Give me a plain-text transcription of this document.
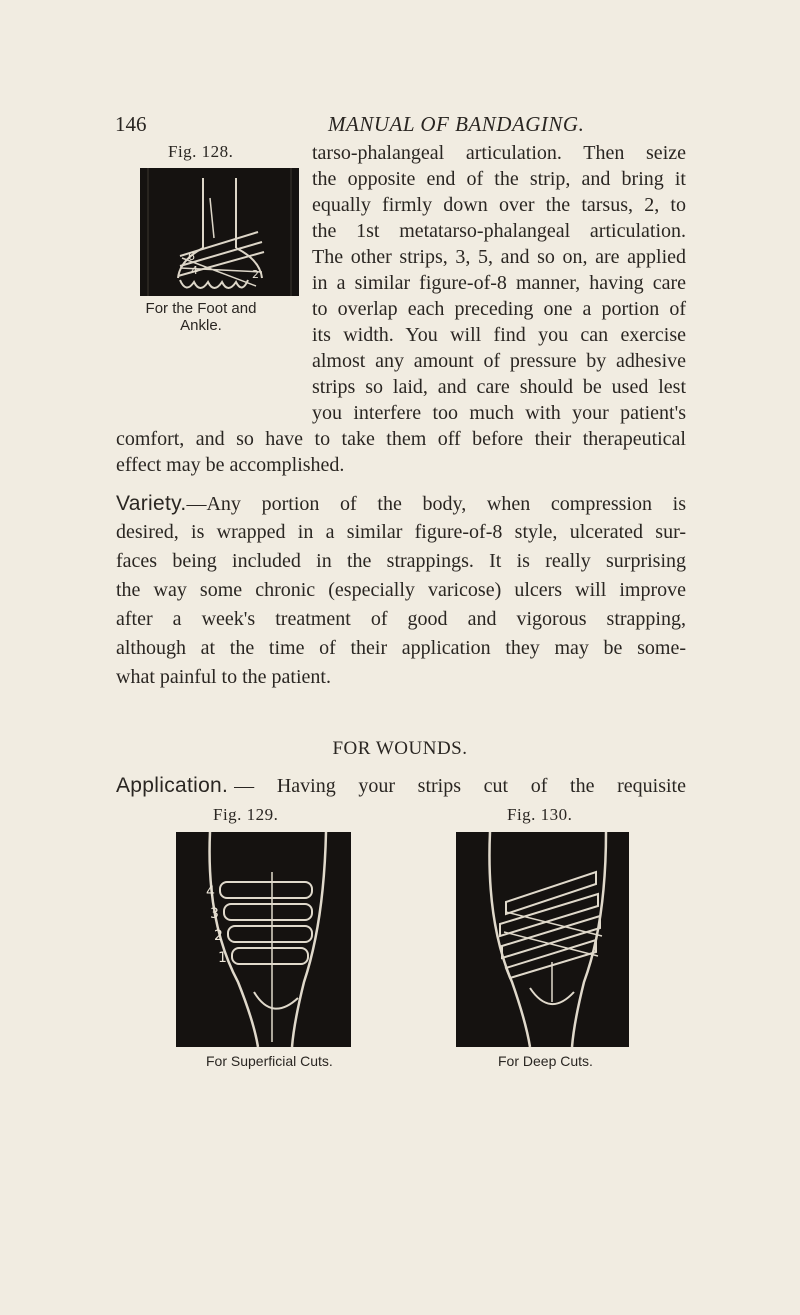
146	MANUAL OF BANDAGING.
Fig. 128.
6
4	2
For the Foot and
Ankle.
tarso-phalangeal articulation. Then seize
the opposite end of the strip, and bring it
equally firmly down over the tarsus, 2, to
the 1st metatarso-phalangeal articulation.
The other strips, 3, 5, and so on, are applied
in a similar figure-of-8 manner, having care
to overlap each preceding one a portion of
its width. You will find you can exercise
almost any amount of pressure by adhesive
strips so laid, and care should be used lest
you interfere too much with your patient's
comfort, and so have to take them off before their therapeutical
effect may be accomplished.
Variety. —Any portion of the body, when compression is
desired, is wrapped in a similar figure-of-8 style, ulcerated sur-
faces being included in the strappings. It is really surprising
the way some chronic (especially varicose) ulcers will improve
after a week's treatment of good and vigorous strapping,
although at the time of their application they may be some-
what painful to the patient.
FOR WOUNDS.
Application. — Having your strips cut of the requisite
Fig. 129.
4
3
2
1
For Superficial Cuts.
Fig. 130.
For Deep Cuts.
